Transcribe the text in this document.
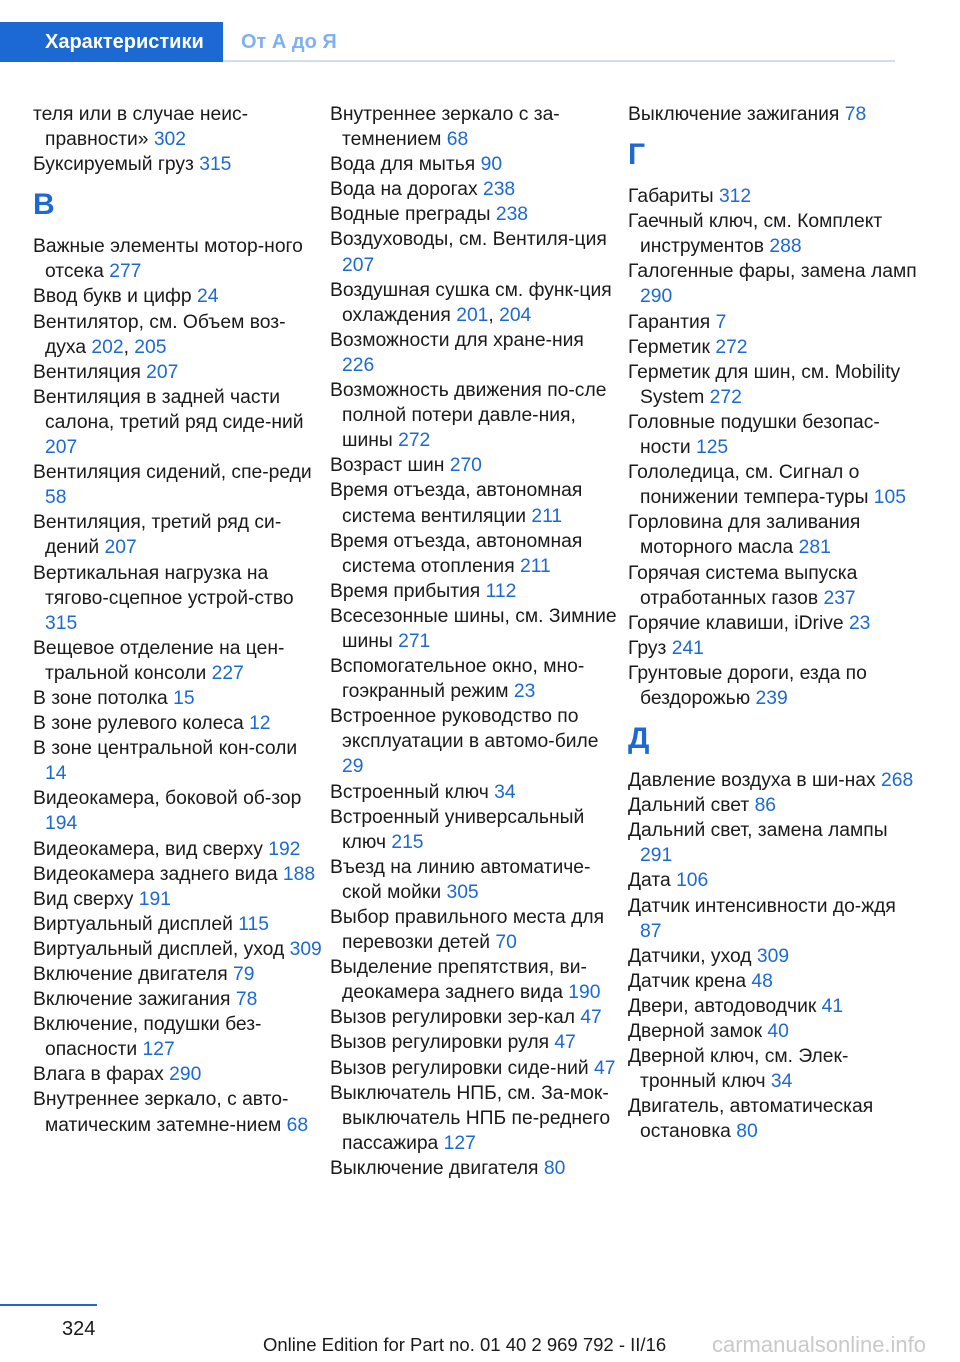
Характеристики	От А до Я
теля или в случае неис-правности» 302
Буксируемый груз 315
В
Важные элементы мотор-ного отсека 277
Ввод букв и цифр 24
Вентилятор, см. Объем воз-духа 202, 205
Вентиляция 207
Вентиляция в задней части салона, третий ряд сиде-ний 207
Вентиляция сидений, спе-реди 58
Вентиляция, третий ряд си-дений 207
Вертикальная нагрузка на тягово-сцепное устрой-ство 315
Вещевое отделение на цен-тральной консоли 227
В зоне потолка 15
В зоне рулевого колеса 12
В зоне центральной кон-соли 14
Видеокамера, боковой об-зор 194
Видеокамера, вид сверху 192
Видеокамера заднего вида 188
Вид сверху 191
Виртуальный дисплей 115
Виртуальный дисплей, уход 309
Включение двигателя 79
Включение зажигания 78
Включение, подушки без-опасности 127
Влага в фарах 290
Внутреннее зеркало, с авто-матическим затемне-нием 68
Внутреннее зеркало с за-темнением 68
Вода для мытья 90
Вода на дорогах 238
Водные преграды 238
Воздуховоды, см. Вентиля-ция 207
Воздушная сушка см. функ-ция охлаждения 201, 204
Возможности для хране-ния 226
Возможность движения по-сле полной потери давле-ния, шины 272
Возраст шин 270
Время отъезда, автономная система вентиляции 211
Время отъезда, автономная система отопления 211
Время прибытия 112
Всесезонные шины, см. Зимние шины 271
Вспомогательное окно, мно-гоэкранный режим 23
Встроенное руководство по эксплуатации в автомо-биле 29
Встроенный ключ 34
Встроенный универсальный ключ 215
Въезд на линию автоматиче-ской мойки 305
Выбор правильного места для перевозки детей 70
Выделение препятствия, ви-деокамера заднего вида 190
Вызов регулировки зер-кал 47
Вызов регулировки руля 47
Вызов регулировки сиде-ний 47
Выключатель НПБ, см. За-мок-выключатель НПБ пе-реднего пассажира 127
Выключение двигателя 80
Выключение зажигания 78
Г
Габариты 312
Гаечный ключ, см. Комплект инструментов 288
Галогенные фары, замена ламп 290
Гарантия 7
Герметик 272
Герметик для шин, см. Mobility System 272
Головные подушки безопас-ности 125
Гололедица, см. Сигнал о понижении темпера-туры 105
Горловина для заливания моторного масла 281
Горячая система выпуска отработанных газов 237
Горячие клавиши, iDrive 23
Груз 241
Грунтовые дороги, езда по бездорожью 239
Д
Давление воздуха в ши-нах 268
Дальний свет 86
Дальний свет, замена лампы 291
Дата 106
Датчик интенсивности до-ждя 87
Датчики, уход 309
Датчик крена 48
Двери, автодоводчик 41
Дверной замок 40
Дверной ключ, см. Элек-тронный ключ 34
Двигатель, автоматическая остановка 80
324
Online Edition for Part no. 01 40 2 969 792 - II/16 carmanualsonline.info
